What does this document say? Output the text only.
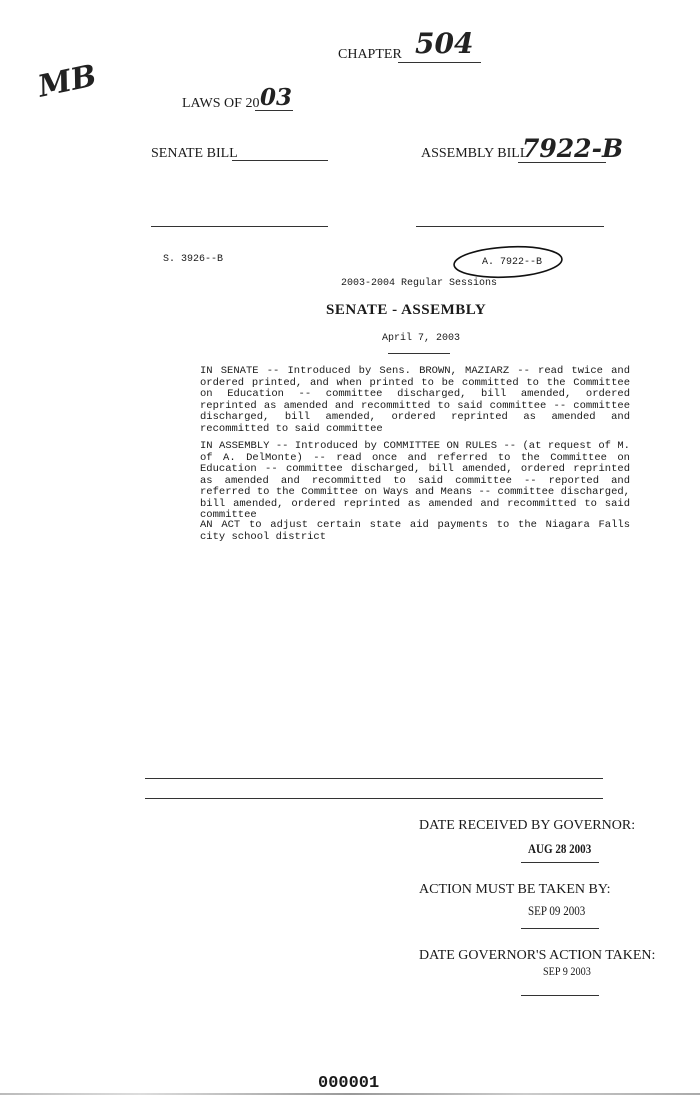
MB
CHAPTER 504
LAWS OF 20 03
SENATE BILL	ASSEMBLY BILL
7922-B
S. 3926--B	A. 7922--B
2003-2004 Regular Sessions
SENATE - ASSEMBLY
April 7, 2003
IN SENATE -- Introduced by Sens. BROWN, MAZIARZ -- read twice and ordered printed, and when printed to be committed to the Committee on Education -- committee discharged, bill amended, ordered reprinted as amended and recommitted to said committee -- committee discharged, bill amended, ordered reprinted as amended and recommitted to said committee
IN ASSEMBLY -- Introduced by COMMITTEE ON RULES -- (at request of M. of A. DelMonte) -- read once and referred to the Committee on Education -- committee discharged, bill amended, ordered reprinted as amended and recommitted to said committee -- reported and referred to the Committee on Ways and Means -- committee discharged, bill amended, ordered reprinted as amended and recommitted to said committee
AN ACT to adjust certain state aid payments to the Niagara Falls city school district
DATE RECEIVED BY GOVERNOR:
AUG 28 2003
ACTION MUST BE TAKEN BY:
SEP 09 2003
DATE GOVERNOR'S ACTION TAKEN:
SEP 9 2003
000001
